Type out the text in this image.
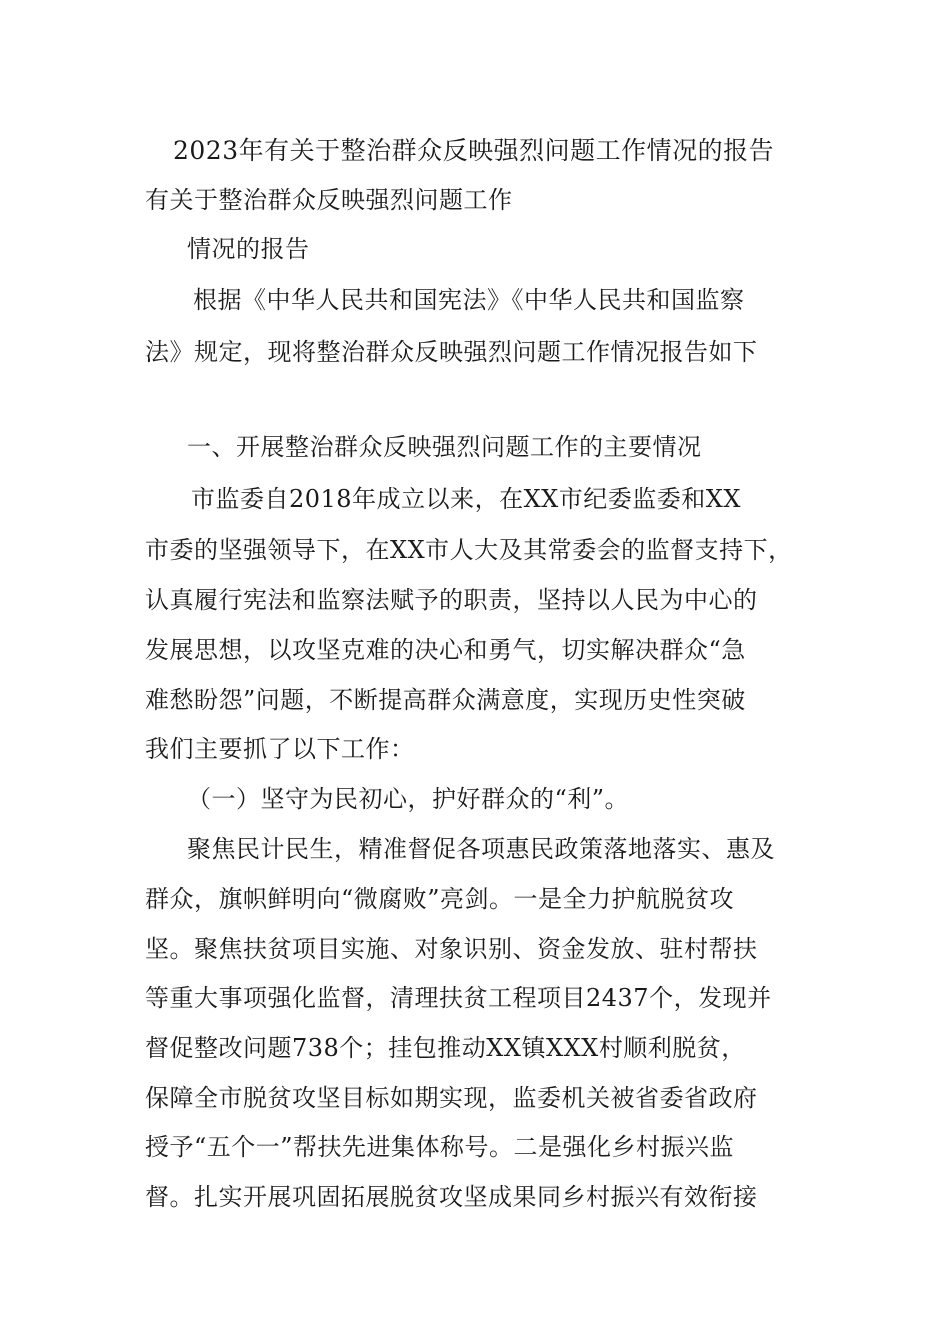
2023年有关于整治群众反映强烈问题工作情况的报告
有关于整治群众反映强烈问题工作
情况的报告
根据《中华人民共和国宪法》《中华人民共和国监察
法》规定，现将整治群众反映强烈问题工作情况报告如下
一、开展整治群众反映强烈问题工作的主要情况
市监委自2018年成立以来，在XX市纪委监委和XX
市委的坚强领导下，在XX市人大及其常委会的监督支持下，
认真履行宪法和监察法赋予的职责，坚持以人民为中心的
发展思想，以攻坚克难的决心和勇气，切实解决群众“急
难愁盼怨”问题，不断提高群众满意度，实现历史性突破
我们主要抓了以下工作：
（一）坚守为民初心，护好群众的“利”。
聚焦民计民生，精准督促各项惠民政策落地落实、惠及
群众，旗帜鲜明向“微腐败”亮剑。一是全力护航脱贫攻
坚。聚焦扶贫项目实施、对象识别、资金发放、驻村帮扶
等重大事项强化监督，清理扶贫工程项目2437个，发现并
督促整改问题738个；挂包推动XX镇XXX村顺利脱贫，
保障全市脱贫攻坚目标如期实现，监委机关被省委省政府
授予“五个一”帮扶先进集体称号。二是强化乡村振兴监
督。扎实开展巩固拓展脱贫攻坚成果同乡村振兴有效衔接
